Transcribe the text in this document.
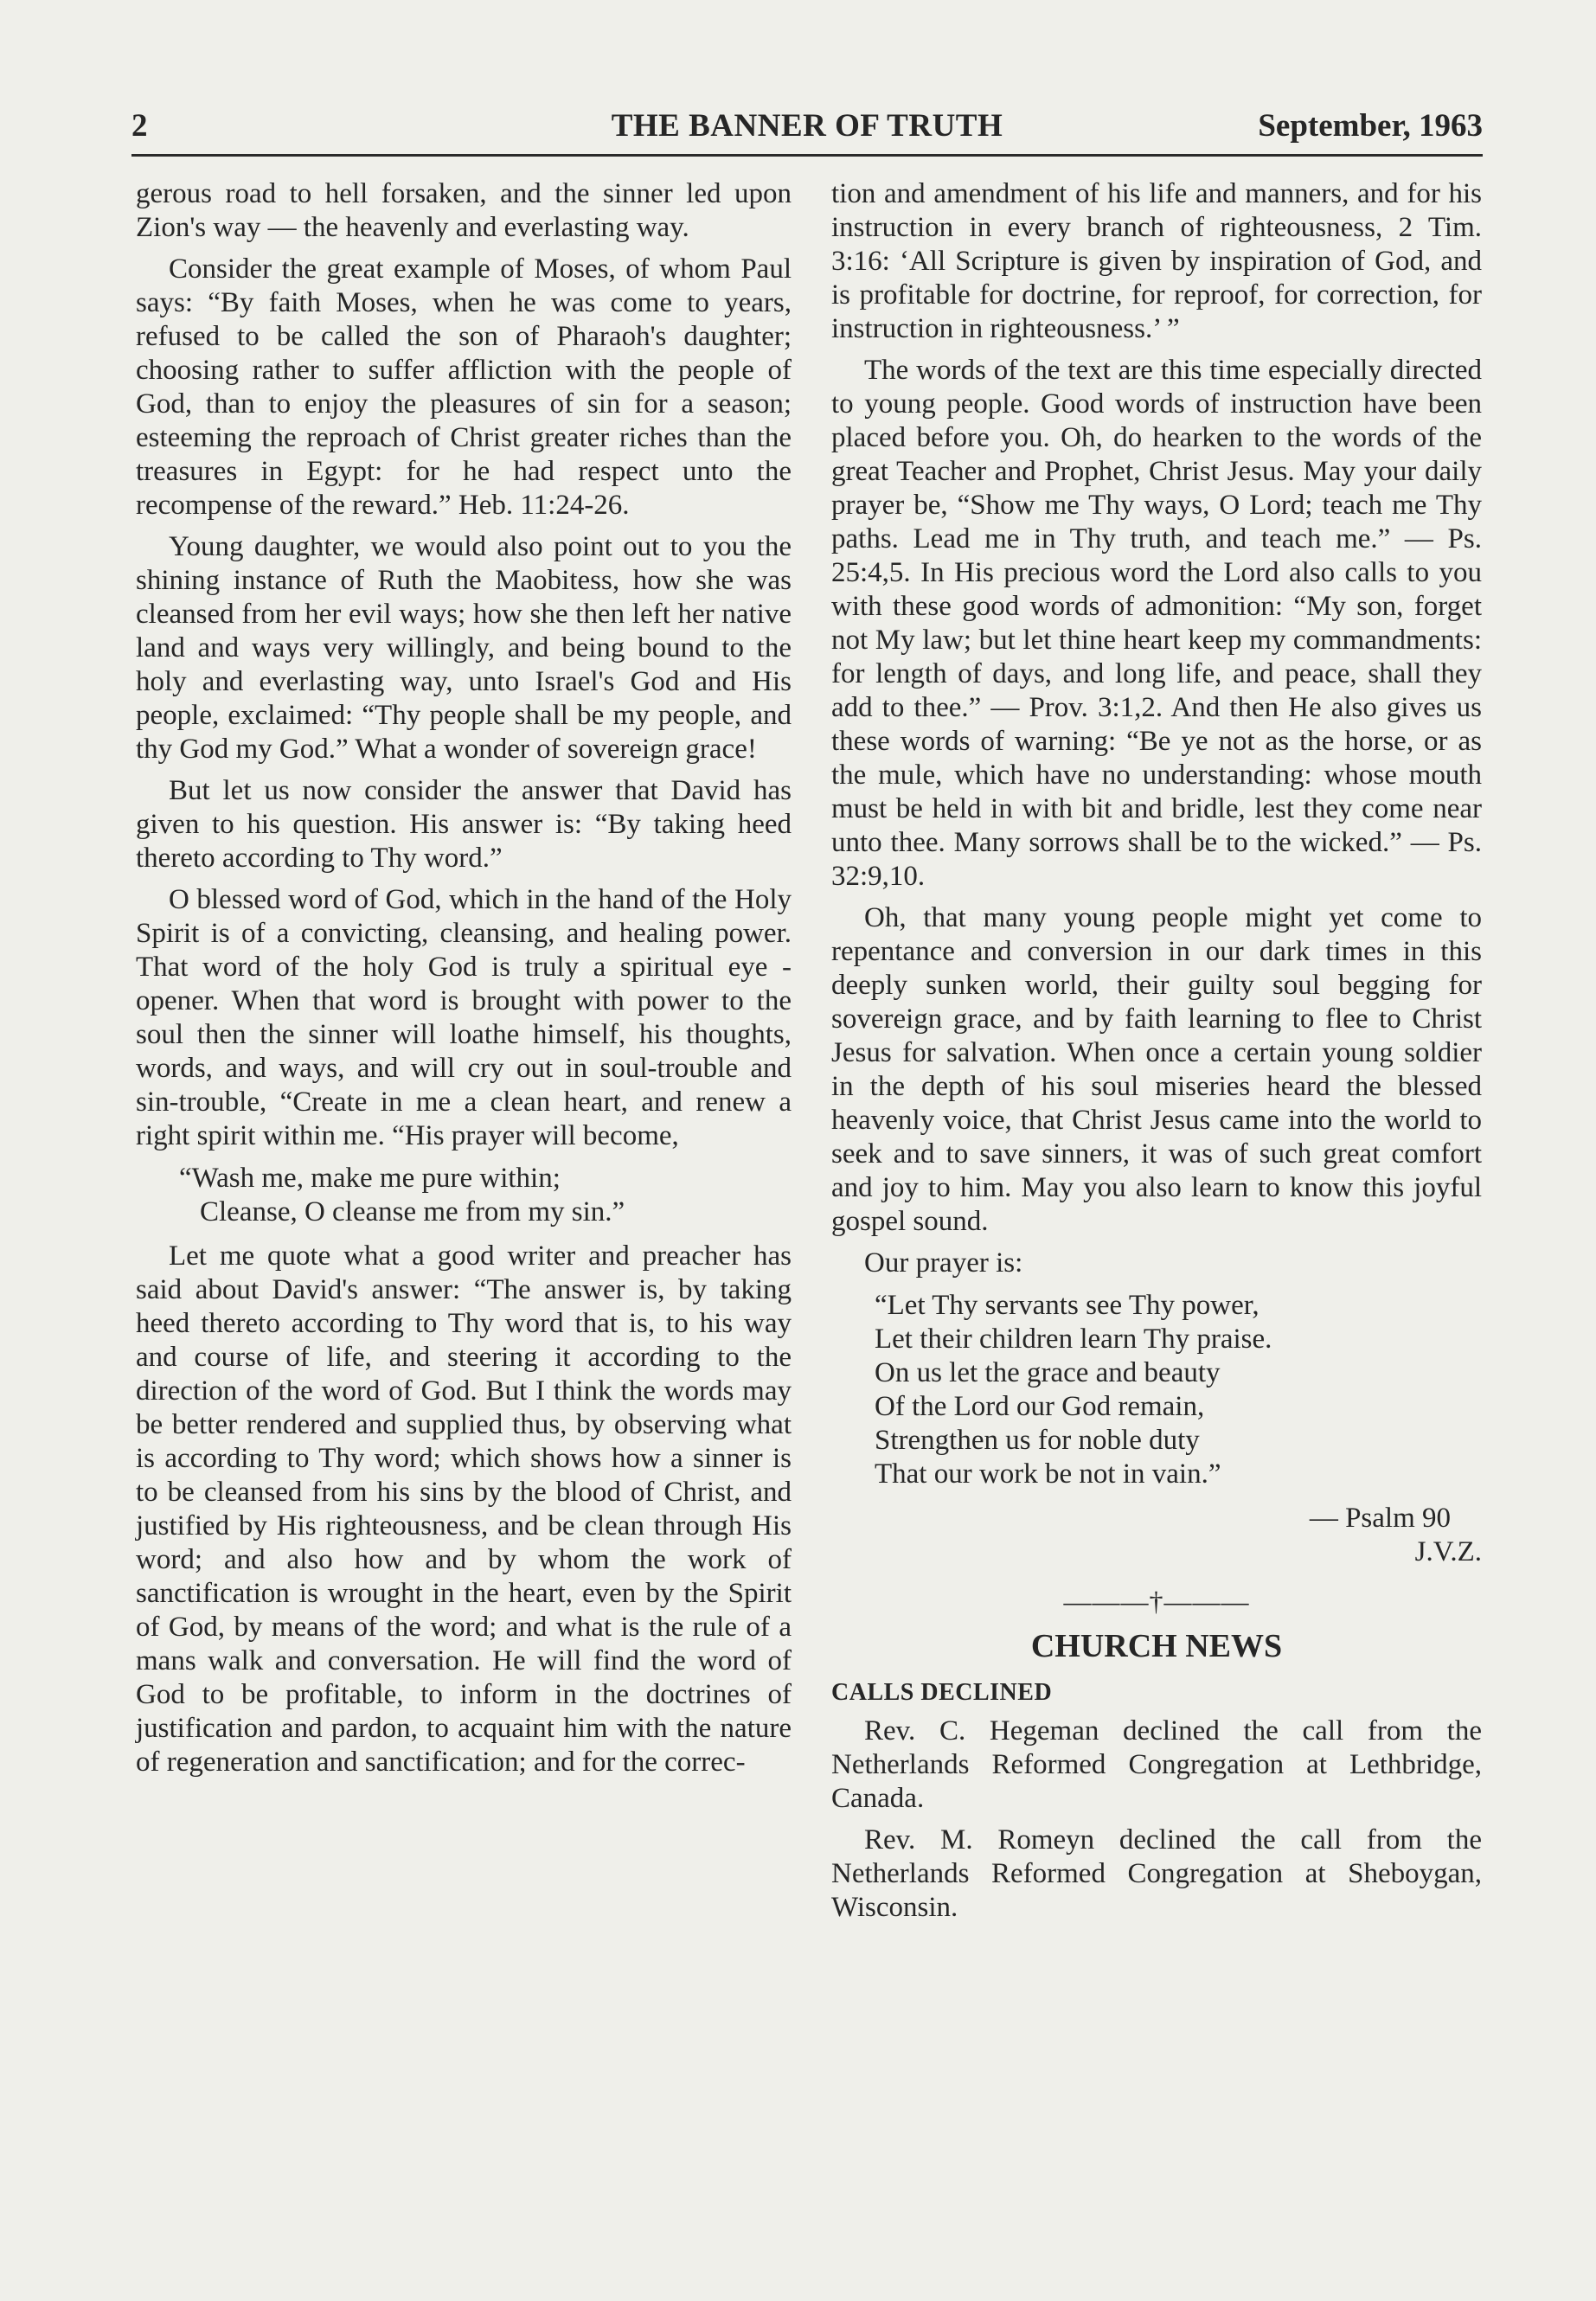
2	THE BANNER OF TRUTH	September, 1963

gerous road to hell forsaken, and the sinner led upon Zion's way — the heavenly and everlasting way.

Consider the great example of Moses, of whom Paul says: “By faith Moses, when he was come to years, refused to be called the son of Pharaoh's daughter; choosing rather to suffer affliction with the people of God, than to enjoy the pleasures of sin for a season; esteeming the reproach of Christ greater riches than the treasures in Egypt: for he had respect unto the recompense of the reward.” Heb. 11:24-26.

Young daughter, we would also point out to you the shining instance of Ruth the Maobitess, how she was cleansed from her evil ways; how she then left her native land and ways very willingly, and being bound to the holy and everlasting way, unto Israel's God and His people, exclaimed: “Thy people shall be my people, and thy God my God.” What a wonder of sovereign grace!

But let us now consider the answer that David has given to his question. His answer is: “By taking heed thereto according to Thy word.”

O blessed word of God, which in the hand of the Holy Spirit is of a convicting, cleansing, and healing power. That word of the holy God is truly a spiritual eye - opener. When that word is brought with power to the soul then the sinner will loathe himself, his thoughts, words, and ways, and will cry out in soul-trouble and sin-trouble, “Create in me a clean heart, and renew a right spirit within me. “His prayer will become,

“Wash me, make me pure within;
Cleanse, O cleanse me from my sin.”

Let me quote what a good writer and preacher has said about David's answer: “The answer is, by taking heed thereto according to Thy word that is, to his way and course of life, and steering it according to the direction of the word of God. But I think the words may be better rendered and supplied thus, by observing what is according to Thy word; which shows how a sinner is to be cleansed from his sins by the blood of Christ, and justified by His righteousness, and be clean through His word; and also how and by whom the work of sanctification is wrought in the heart, even by the Spirit of God, by means of the word; and what is the rule of a mans walk and conversation. He will find the word of God to be profitable, to inform in the doctrines of justification and pardon, to acquaint him with the nature of regeneration and sanctification; and for the correc-

tion and amendment of his life and manners, and for his instruction in every branch of righteousness, 2 Tim. 3:16: ‘All Scripture is given by inspiration of God, and is profitable for doctrine, for reproof, for correction, for instruction in righteousness.’ ”

The words of the text are this time especially directed to young people. Good words of instruction have been placed before you. Oh, do hearken to the words of the great Teacher and Prophet, Christ Jesus. May your daily prayer be, “Show me Thy ways, O Lord; teach me Thy paths. Lead me in Thy truth, and teach me.” — Ps. 25:4,5. In His precious word the Lord also calls to you with these good words of admonition: “My son, forget not My law; but let thine heart keep my commandments: for length of days, and long life, and peace, shall they add to thee.” — Prov. 3:1,2. And then He also gives us these words of warning: “Be ye not as the horse, or as the mule, which have no understanding: whose mouth must be held in with bit and bridle, lest they come near unto thee. Many sorrows shall be to the wicked.” — Ps. 32:9,10.

Oh, that many young people might yet come to repentance and conversion in our dark times in this deeply sunken world, their guilty soul begging for sovereign grace, and by faith learning to flee to Christ Jesus for salvation. When once a certain young soldier in the depth of his soul miseries heard the blessed heavenly voice, that Christ Jesus came into the world to seek and to save sinners, it was of such great comfort and joy to him. May you also learn to know this joyful gospel sound.

Our prayer is:

“Let Thy servants see Thy power,
Let their children learn Thy praise.
On us let the grace and beauty
Of the Lord our God remain,
Strengthen us for noble duty
That our work be not in vain.”
— Psalm 90
J.V.Z.
———†———
CHURCH NEWS
CALLS DECLINED

Rev. C. Hegeman declined the call from the Netherlands Reformed Congregation at Lethbridge, Canada.

Rev. M. Romeyn declined the call from the Netherlands Reformed Congregation at Sheboygan, Wisconsin.
